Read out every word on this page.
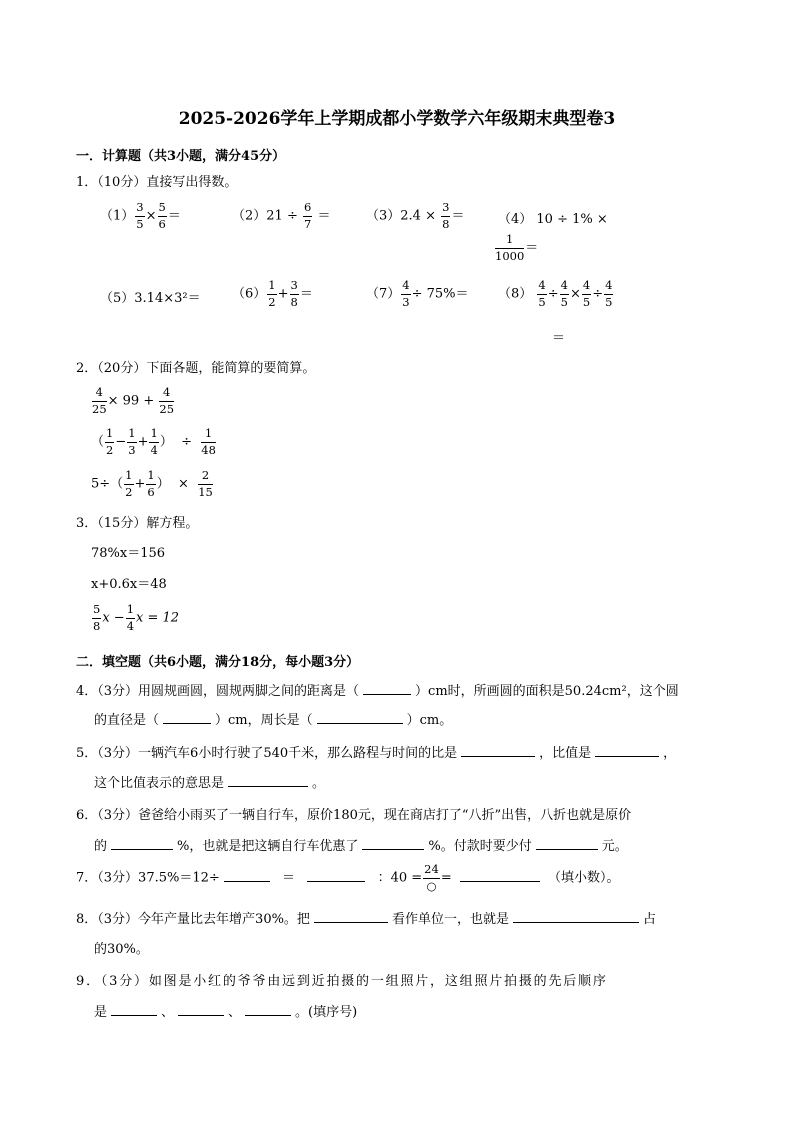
2025-2026学年上学期成都小学数学六年级期末典型卷3
一．计算题（共3小题，满分45分）
1．（10分）直接写出得数。
$(1) \frac{3}{5} \times \frac{5}{6}$ ＝	$(2)21 \div \frac{6}{7}$ ＝	$(3)2.4 \times \frac{3}{8}$ ＝	（4） 10 ÷ 1% ×
$\frac{1}{1000}$ ＝
$(5)3.14\times 3^2= (6) \frac{1}{2} + \frac{3}{8}$ ＝	$(7) \frac{4}{3} \div 75\%= (8) \frac{4}{5} \div \frac{4}{5} \times \frac{4}{5} \div \frac{4}{5}$
＝
2．（20分）下面各题，能简算的要简算。
$\frac{4}{25} \times 99 + \frac{4}{25}$
（ $\frac{1}{2} - \frac{1}{3} + \frac{1}{4}$ ） ÷ $\frac{1}{48}$
$5\div( \frac{1}{2} + \frac{1}{6}$ ） × $\frac{2}{15}$
3．（15分）解方程。
78%x＝156
x+0.6x＝48
$\frac{5}{8}$ $x - \frac{1}{4}$ x = 12
二．填空题（共6小题，满分18分，每小题3分）
4．（3分）用圆规画圆，圆规两脚之间的距离是（	）cm时，所画圆的面积是50.24cm²，这个圆
的直径是（	）cm，周长是（	）cm。
5．（3分）一辆汽车6小时行驶了540千米，那么路程与时间的比是	，比值是	，
这个比值表示的意思是	。
6．（3分）爸爸给小雨买了一辆自行车，原价180元，现在商店打了“八折”出售，八折也就是原价
的	%，也就是把这辆自行车优惠了	%。付款时要少付	元。
7．（3分）37.5%＝12÷	＝	：$40 = \frac{24}{○}$ =	（填小数）。
8．（3分）今年产量比去年增产30%。把	看作单位一，也就是	占
的30%。
9．（3分）如图是小红的爷爷由远到近拍摄的一组照片，这组照片拍摄的先后顺序
是	、	、	。(填序号)
